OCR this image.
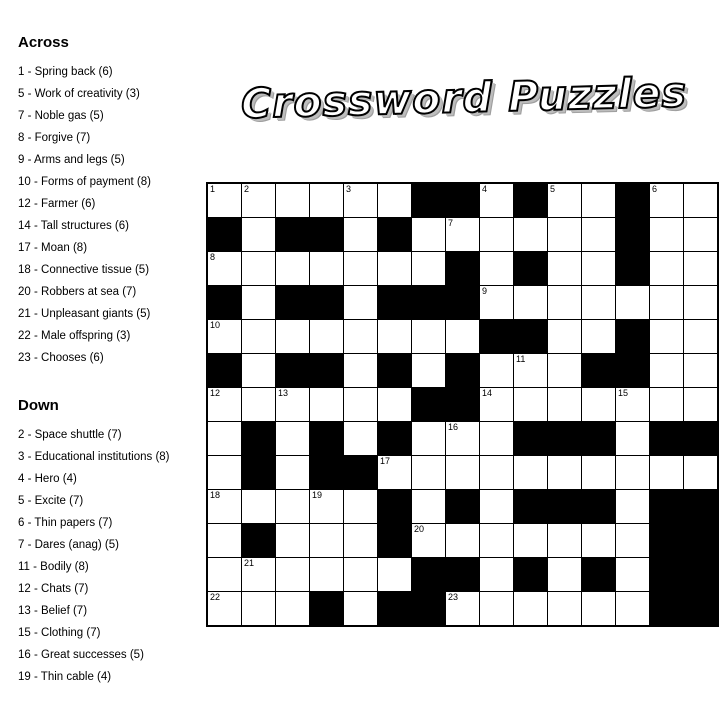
Across
1 - Spring back (6)
5 - Work of creativity (3)
7 - Noble gas (5)
8 - Forgive (7)
9 - Arms and legs (5)
10 - Forms of payment (8)
12 - Farmer (6)
14 - Tall structures (6)
17 - Moan (8)
18 - Connective tissue (5)
20 - Robbers at sea (7)
21 - Unpleasant giants (5)
22 - Male offspring (3)
23 - Chooses (6)
Down
2 - Space shuttle (7)
3 - Educational institutions (8)
4 - Hero (4)
5 - Excite (7)
6 - Thin papers (7)
7 - Dares (anag) (5)
11 - Bodily (8)
12 - Chats (7)
13 - Belief (7)
15 - Clothing (7)
16 - Great successes (5)
19 - Thin cable (4)
Crossword Puzzles
1	2			3				4		5			6	

							7							

8														

								9						

10														

									11					

12		13						14				15		

							16							

					17									

18			19											

						20								

	21													

22							23							
